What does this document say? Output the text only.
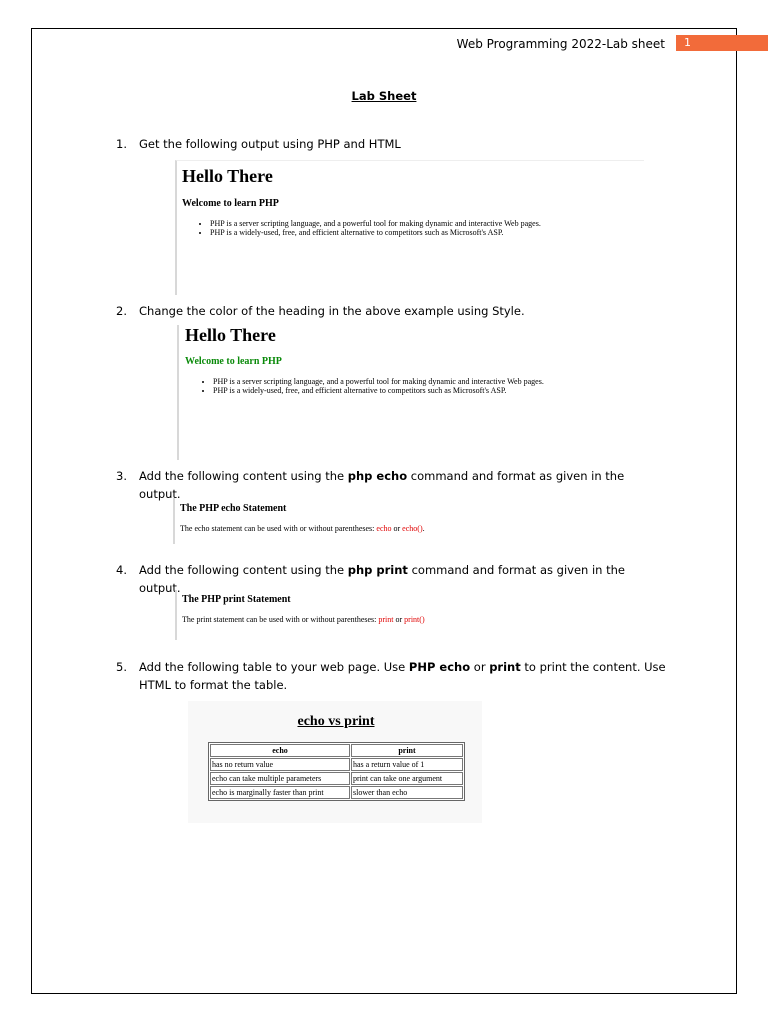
Web Programming 2022-Lab sheet	1
Lab Sheet
1. Get the following output using PHP and HTML

Hello There

Welcome to learn PHP

• PHP is a server scripting language, and a powerful tool for making dynamic and interactive Web pages.
• PHP is a widely-used, free, and efficient alternative to competitors such as Microsoft's ASP.
2. Change the color of the heading in the above example using Style.

Hello There

Welcome to learn PHP

• PHP is a server scripting language, and a powerful tool for making dynamic and interactive Web pages.
• PHP is a widely-used, free, and efficient alternative to competitors such as Microsoft's ASP.
3. Add the following content using the php echo command and format as given in the output.

The PHP echo Statement

The echo statement can be used with or without parentheses: echo or echo().

4. Add the following content using the php print command and format as given in the output.

The PHP print Statement

The print statement can be used with or without parentheses: print or print()

5. Add the following table to your web page. Use PHP echo or print to print the content. Use HTML to format the table.
echo vs print
echo	print
has no return value	has a return value of 1
echo can take multiple parameters	print can take one argument
echo is marginally faster than print	slower than echo
